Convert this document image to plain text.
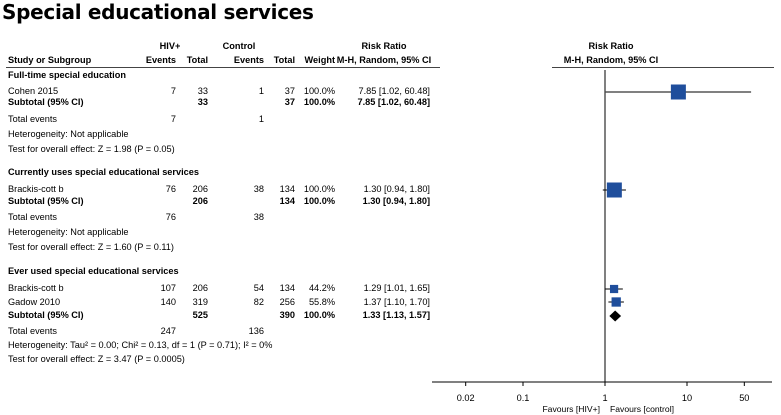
Special educational services
HIV+	Control	Risk Ratio	Risk Ratio
Study or Subgroup	Events	Total	Events	Total	Weight M-H, Random, 95% CI	M-H, Random, 95% CI
Full-time special education
Cohen 2015	7	33	1	37 100.0%	7.85 [1.02, 60.48]
Subtotal (95% CI)	33	37 100.0%	7.85 [1.02, 60.48]
Total events	7	1
Heterogeneity: Not applicable
Test for overall effect: Z = 1.98 (P = 0.05)
Currently uses special educational services
Brackis-cott b	76	206	38	134 100.0%	1.30 [0.94, 1.80]
Subtotal (95% CI)	206	134 100.0%	1.30 [0.94, 1.80]
Total events	76	38
Heterogeneity: Not applicable
Test for overall effect: Z = 1.60 (P = 0.11)
Ever used special educational services
Brackis-cott b	107	206	54	134	44.2%	1.29 [1.01, 1.65]
Gadow 2010	140	319	82	256	55.8%	1.37 [1.10, 1.70]
Subtotal (95% CI)	525	390 100.0%	1.33 [1.13, 1.57]
Total events	247	136
Heterogeneity: Tau² = 0.00; Chi² = 0.13, df = 1 (P = 0.71); I² = 0%
Test for overall effect: Z = 3.47 (P = 0.0005)
0.02	0.1	1	10	50
Favours [HIV+] Favours [control]
